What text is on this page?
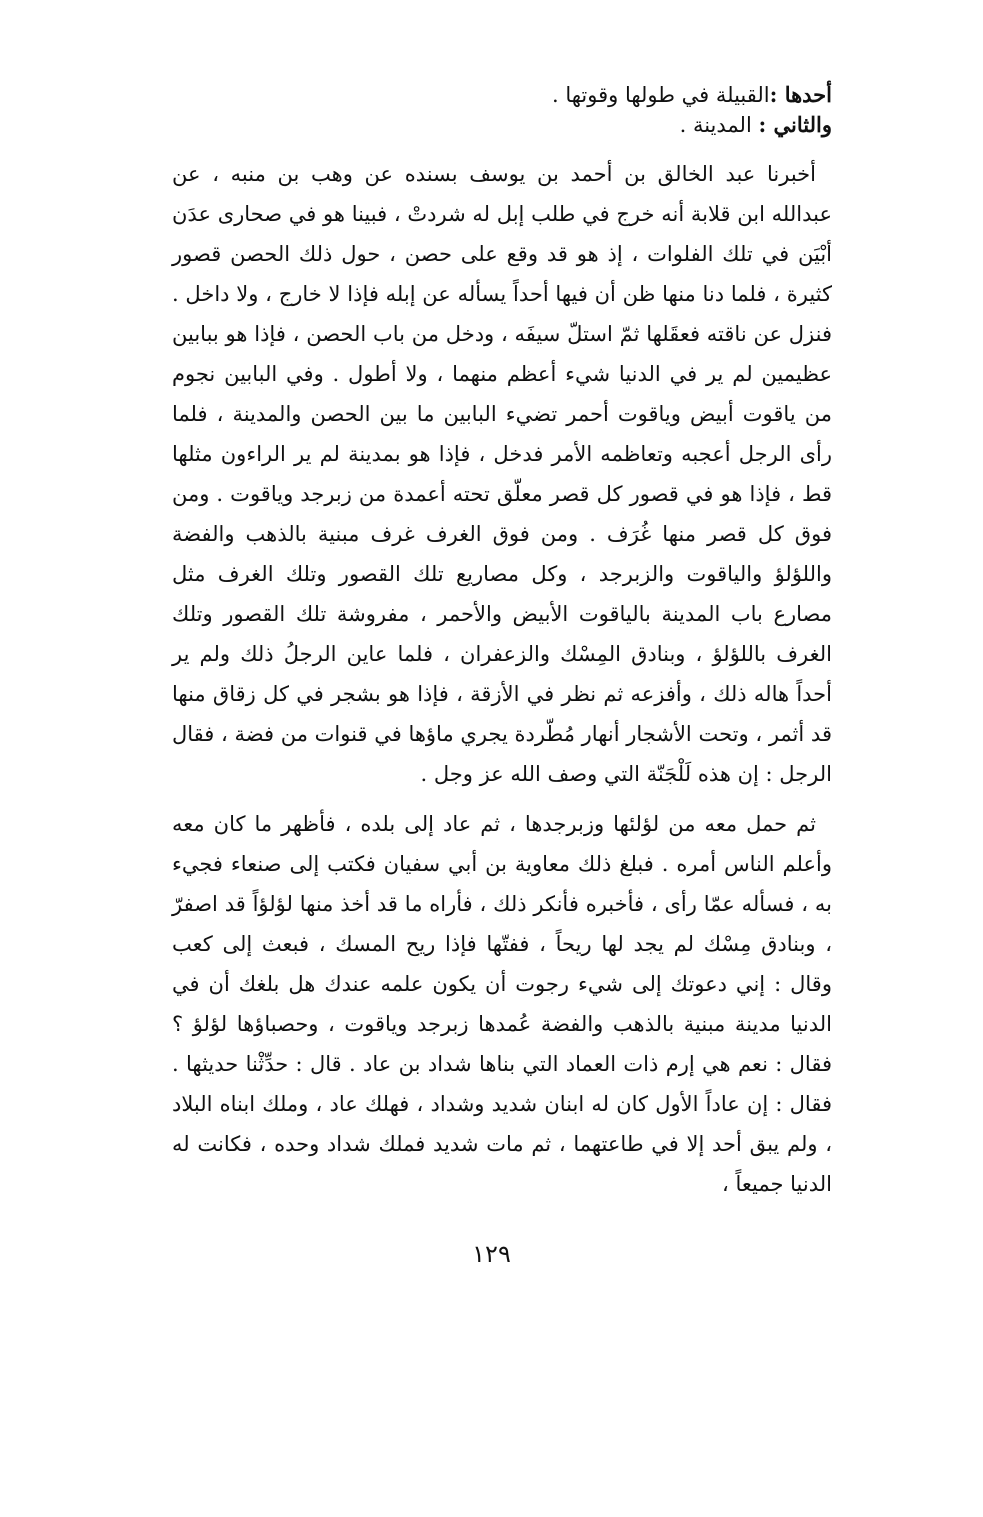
أحدها :القبيلة في طولها وقوتها .

والثاني : المدينة .

أخبرنا عبد الخالق بن أحمد بن يوسف بسنده عن وهب بن منبه ، عن عبدالله ابن قلابة أنه خرج في طلب إبل له شردتْ ، فبينا هو في صحارى عدَن أبْيَن في تلك الفلوات ، إذ هو قد وقع على حصن ، حول ذلك الحصن قصور كثيرة ، فلما دنا منها ظن أن فيها أحداً يسأله عن إبله فإذا لا خارج ، ولا داخل . فنزل عن ناقته فعقَلها ثمّ استلّ سيفَه ، ودخل من باب الحصن ، فإذا هو ببابين عظيمين لم ير في الدنيا شيء أعظم منهما ، ولا أطول . وفي البابين نجوم من ياقوت أبيض وياقوت أحمر تضيء البابين ما بين الحصن والمدينة ، فلما رأى الرجل أعجبه وتعاظمه الأمر فدخل ، فإذا هو بمدينة لم ير الراءون مثلها قط ، فإذا هو في قصور كل قصر معلّق تحته أعمدة من زبرجد وياقوت . ومن فوق كل قصر منها غُرَف . ومن فوق الغرف غرف مبنية بالذهب والفضة واللؤلؤ والياقوت والزبرجد ، وكل مصاريع تلك القصور وتلك الغرف مثل مصارع باب المدينة بالياقوت الأبيض والأحمر ، مفروشة تلك القصور وتلك الغرف باللؤلؤ ، وبنادق المِسْك والزعفران ، فلما عاين الرجلُ ذلك ولم ير أحداً هاله ذلك ، وأفزعه ثم نظر في الأزقة ، فإذا هو بشجر في كل زقاق منها قد أثمر ، وتحت الأشجار أنهار مُطّردة يجري ماؤها في قنوات من فضة ، فقال الرجل : إن هذه لَلْجَنّة التي وصف الله عز وجل .

ثم حمل معه من لؤلئها وزبرجدها ، ثم عاد إلى بلده ، فأظهر ما كان معه وأعلم الناس أمره . فبلغ ذلك معاوية بن أبي سفيان فكتب إلى صنعاء فجيء به ، فسأله عمّا رأى ، فأخبره فأنكر ذلك ، فأراه ما قد أخذ منها لؤلؤاً قد اصفرّ ، وبنادق مِسْك لم يجد لها ريحاً ، ففتّها فإذا ريح المسك ، فبعث إلى كعب وقال : إني دعوتك إلى شيء رجوت أن يكون علمه عندك هل بلغك أن في الدنيا مدينة مبنية بالذهب والفضة عُمدها زبرجد وياقوت ، وحصباؤها لؤلؤ ؟ فقال : نعم هي إرم ذات العماد التي بناها شداد بن عاد . قال : حدِّثْنا حديثها . فقال : إن عاداً الأول كان له ابنان شديد وشداد ، فهلك عاد ، وملك ابناه البلاد ، ولم يبق أحد إلا في طاعتهما ، ثم مات شديد فملك شداد وحده ، فكانت له الدنيا جميعاً ،

١٢٩
